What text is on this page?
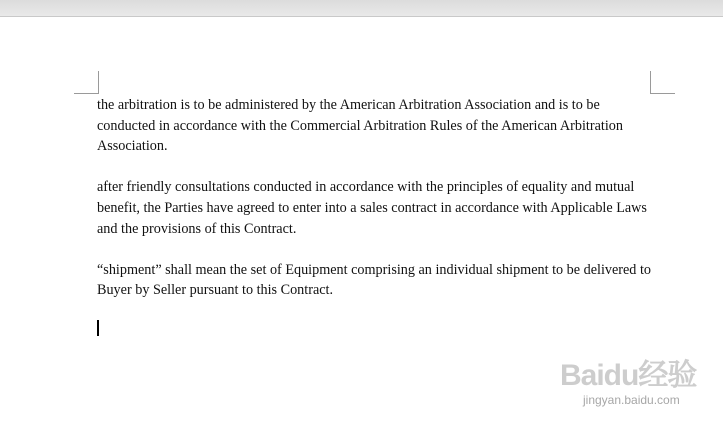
the arbitration is to be administered by the American Arbitration Association and is to be conducted in accordance with the Commercial Arbitration Rules of the American Arbitration Association.

after friendly consultations conducted in accordance with the principles of equality and mutual benefit, the Parties have agreed to enter into a sales contract in accordance with Applicable Laws and the provisions of this Contract.

“shipment” shall mean the set of Equipment comprising an individual shipment to be delivered to Buyer by Seller pursuant to this Contract.

Baidu经验
jingyan.baidu.com
